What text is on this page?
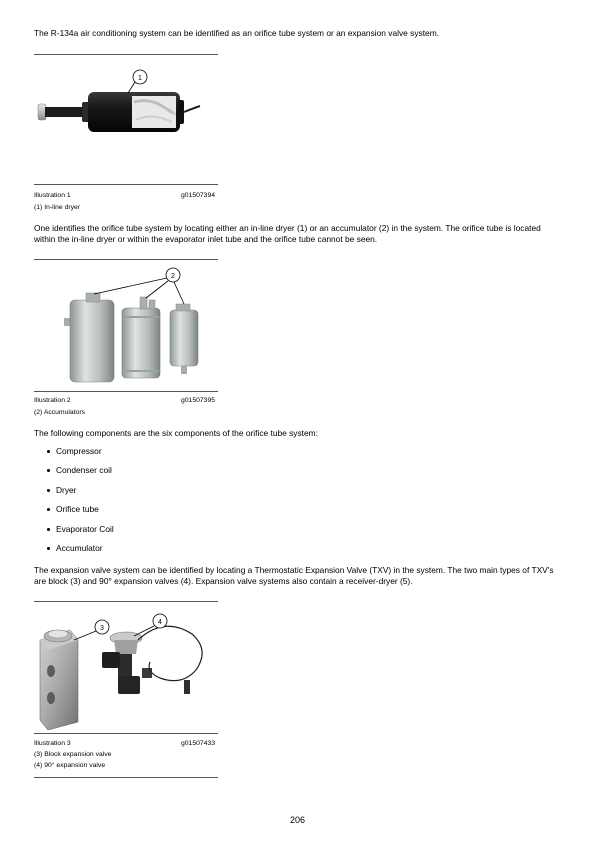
The R-134a air conditioning system can be identified as an orifice tube system or an expansion valve system.

1
Illustration 1	g01507394
(1) In-line dryer

One identifies the orifice tube system by locating either an in-line dryer (1) or an accumulator (2) in the system. The orifice tube is located within the in-line dryer or within the evaporator inlet tube and the orifice tube cannot be seen.

2
Illustration 2	g01507395
(2) Accumulators

The following components are the six components of the orifice tube system:

Compressor
Condenser coil
Dryer
Orifice tube
Evaporator Coil
Accumulator

The expansion valve system can be identified by locating a Thermostatic Expansion Valve (TXV) in the system. The two main types of TXV's are block (3) and 90° expansion valves (4). Expansion valve systems also contain a receiver-dryer (5).

3
4
Illustration 3	g01507433
(3) Block expansion valve
(4) 90° expansion valve
206
